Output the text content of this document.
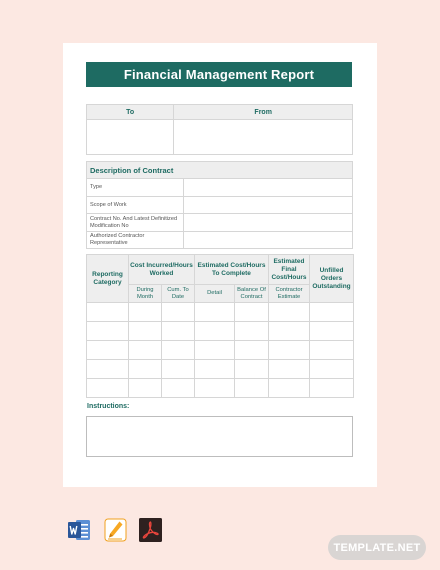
Financial Management Report
To	From

Description of Contract	
Type	
Scope of Work	
Contract No. And Latest Definitized Modification No	
Authorized Contractor Representative	
Reporting Category	Cost Incurred/Hours Worked		Estimated Cost/Hours To Complete		Estimated Final Cost/Hours	Unfilled Orders Outstanding
	During Month	Cum. To Date	Detail	Balance Of Contract	Contractor Estimate	

Instructions:
TEMPLATE.NET
